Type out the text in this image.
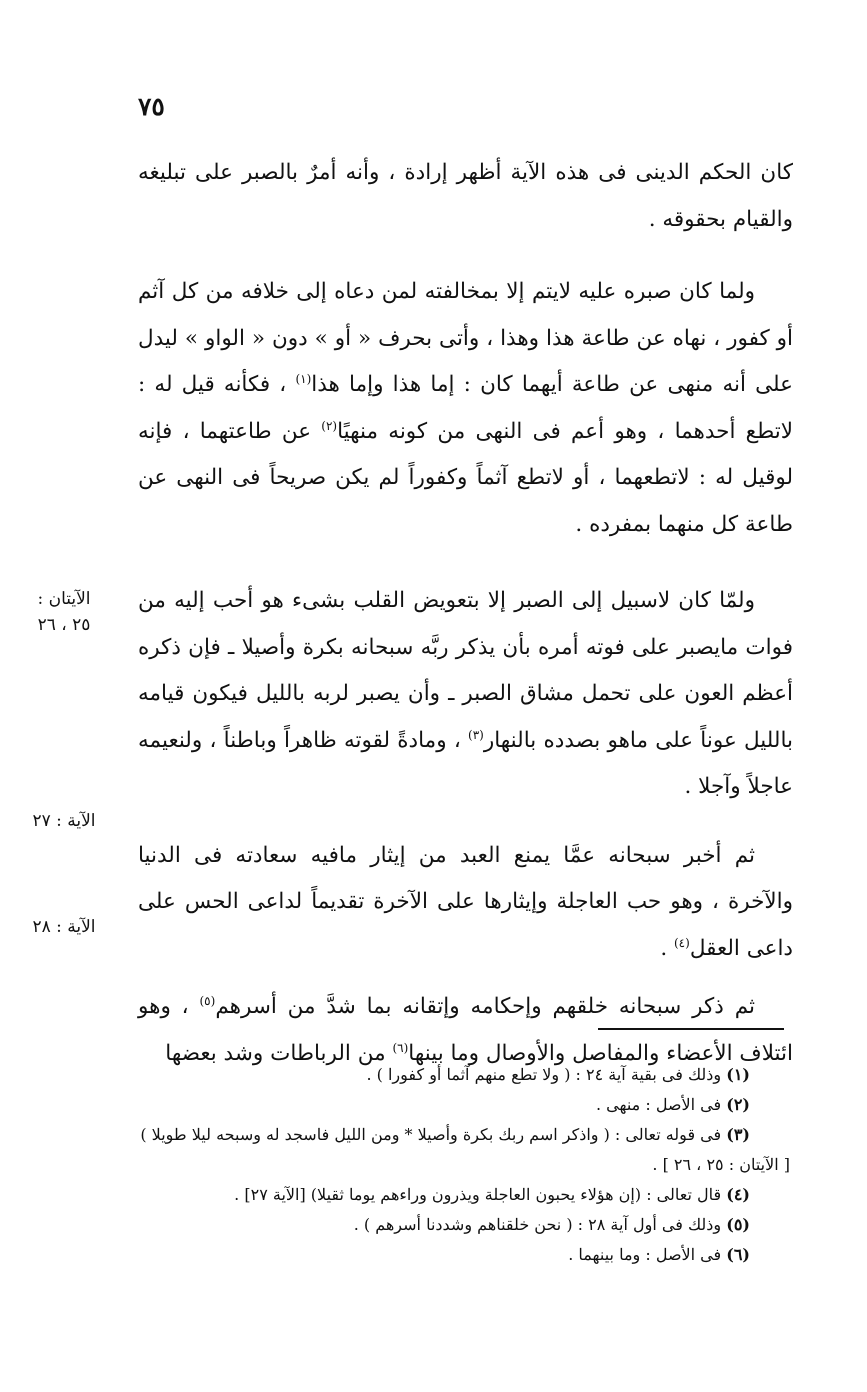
٧٥

كان الحكم الدينى فى هذه الآية أظهر إرادة ، وأنه أمرٌ بالصبر على تبليغه والقيام بحقوقه .

ولما كان صبره عليه لايتم إلا بمخالفته لمن دعاه إلى خلافه من كل آثم أو كفور ، نهاه عن طاعة هذا وهذا ، وأتى بحرف « أو » دون « الواو » ليدل على أنه منهى عن طاعة أيهما كان : إما هذا وإما هذا$^{(١)}$ ، فكأنه قيل له : لاتطع أحدهما ، وهو أعم فى النهى من كونه منهيًا$^{(٢)}$ عن طاعتهما ، فإنه لوقيل له : لاتطعهما ، أو لاتطع آثماً وكفوراً لم يكن صريحاً فى النهى عن طاعة كل منهما بمفرده .

ولمّا كان لاسبيل إلى الصبر إلا بتعويض القلب بشىء هو أحب إليه من فوات مايصبر على فوته أمره بأن يذكر ربَّه سبحانه بكرة وأصيلا ـ فإن ذكره أعظم العون على تحمل مشاق الصبر ـ وأن يصبر لربه بالليل فيكون قيامه بالليل عوناً على ماهو بصدده بالنهار$^{(٣)}$ ، ومادةً لقوته ظاهراً وباطناً ، ولنعيمه عاجلاً وآجلا .

ثم أخبر سبحانه عمَّا يمنع العبد من إيثار مافيه سعادته فى الدنيا والآخرة ، وهو حب العاجلة وإيثارها على الآخرة تقديماً لداعى الحس على داعى العقل$^{(٤)}$ .

ثم ذكر سبحانه خلقهم وإحكامه وإتقانه بما شدَّ من أسرهم$^{(٥)}$ ، وهو ائتلاف الأعضاء والمفاصل والأوصال وما بينها$^{(٦)}$ من الرباطات وشد بعضها

الآيتان :
٢٥ ، ٢٦
الآية : ٢٧
الآية : ٢٨

(١) وذلك فى بقية آية ٢٤ : ( ولا تطع منهم آثما أو كفورا ) .

(٢) فى الأصل : منهى .

(٣) فى قوله تعالى : ( واذكر اسم ربك بكرة وأصيلا * ومن الليل فاسجد له وسبحه ليلا طويلا ) [ الآيتان : ٢٥ ، ٢٦ ] .

(٤) قال تعالى : (إن هؤلاء يحبون العاجلة ويذرون وراءهم يوما ثقيلا) [الآية ٢٧] .

(٥) وذلك فى أول آية ٢٨ : ( نحن خلقناهم وشددنا أسرهم ) .

(٦) فى الأصل : وما بينهما .
